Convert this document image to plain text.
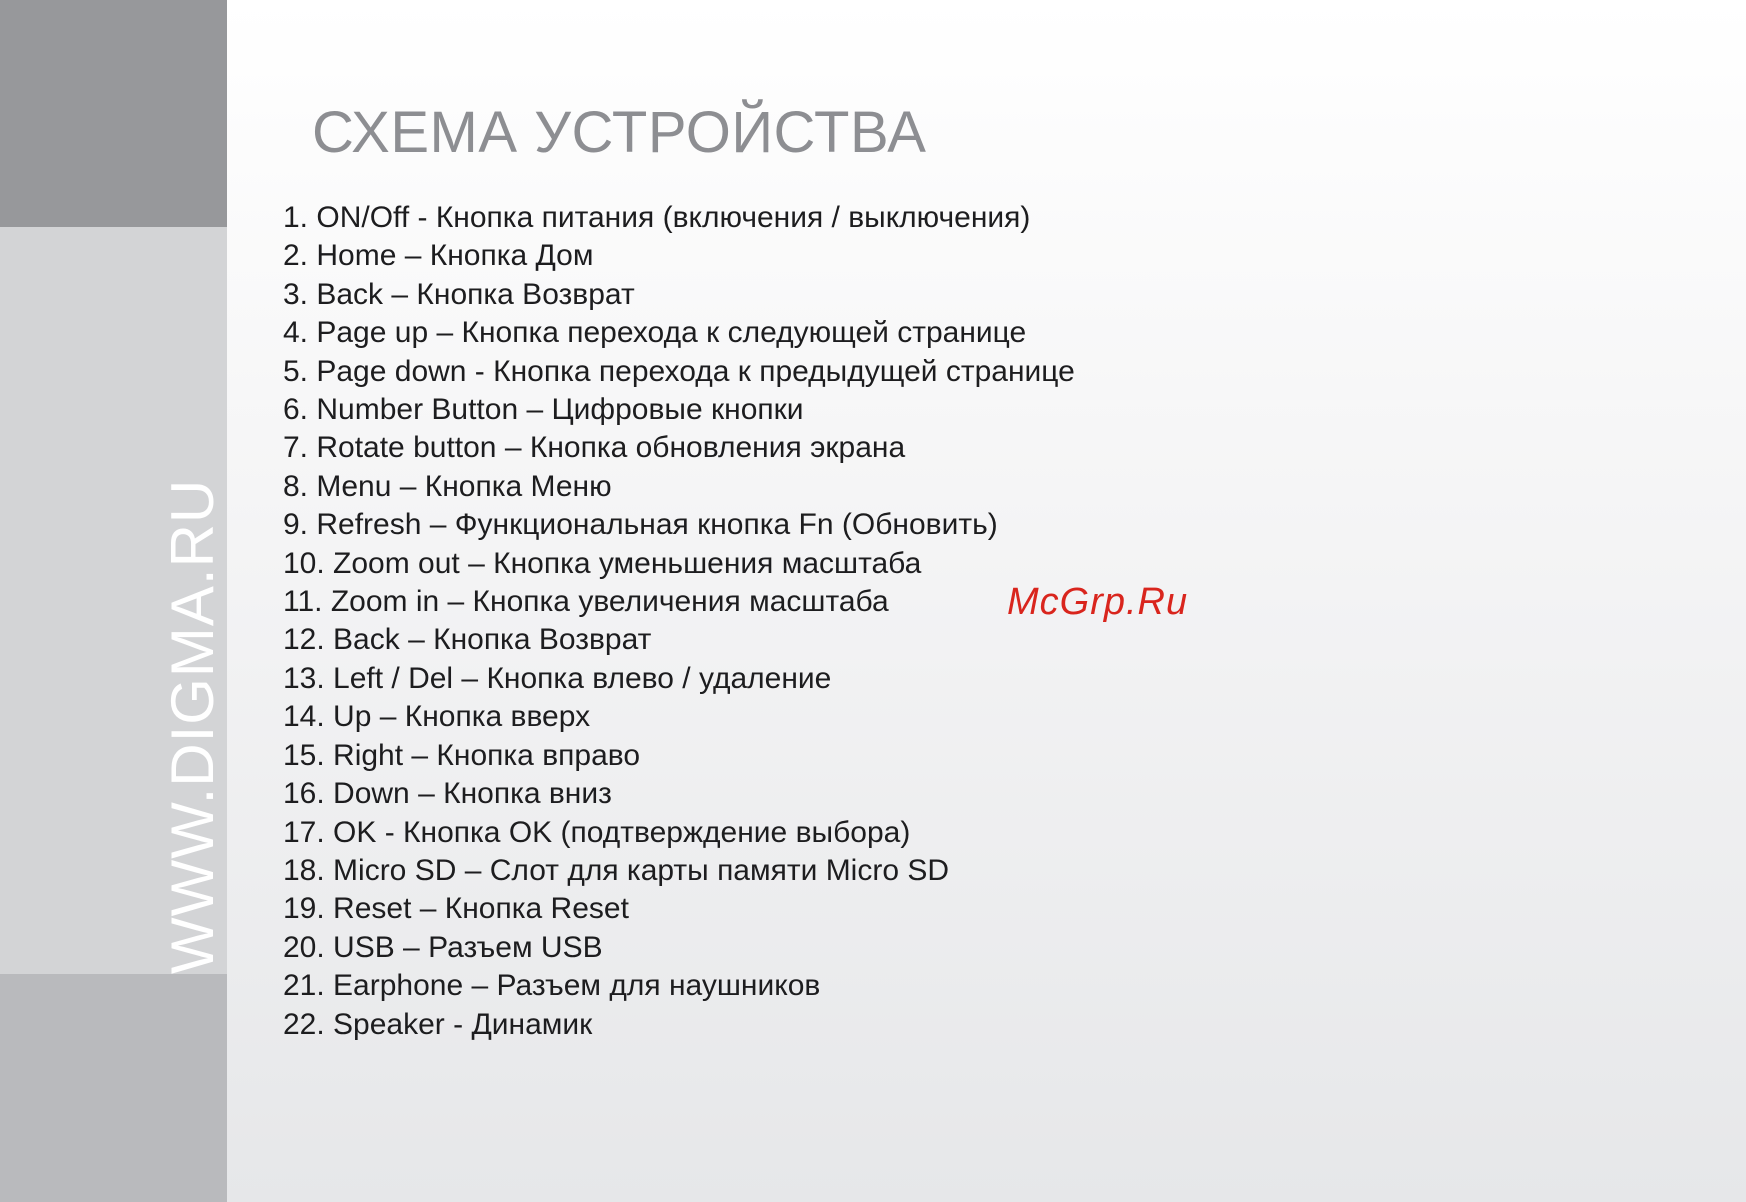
WWW.DIGMA.RU
СХЕМА УСТРОЙСТВА
1. ON/Off - Кнопка питания (включения / выключения)
2. Home – Кнопка Дом
3. Back – Кнопка Возврат
4. Page up – Кнопка перехода к следующей странице
5. Page down - Кнопка перехода к предыдущей странице
6. Number Button – Цифровые кнопки
7. Rotate button – Кнопка обновления экрана
8. Menu – Кнопка Меню
9. Refresh – Функциональная кнопка Fn (Обновить)
10. Zoom out – Кнопка уменьшения масштаба
11. Zoom in – Кнопка увеличения масштаба
12. Back – Кнопка Возврат
13. Left / Del – Кнопка влево / удаление
14. Up – Кнопка вверх
15. Right – Кнопка вправо
16. Down – Кнопка вниз
17. OK - Кнопка OK (подтверждение выбора)
18. Micro SD – Слот для карты памяти Micro SD
19. Reset – Кнопка Reset
20. USB – Разъем USB
21. Earphone – Разъем для наушников
22. Speaker - Динамик
McGrp.Ru
